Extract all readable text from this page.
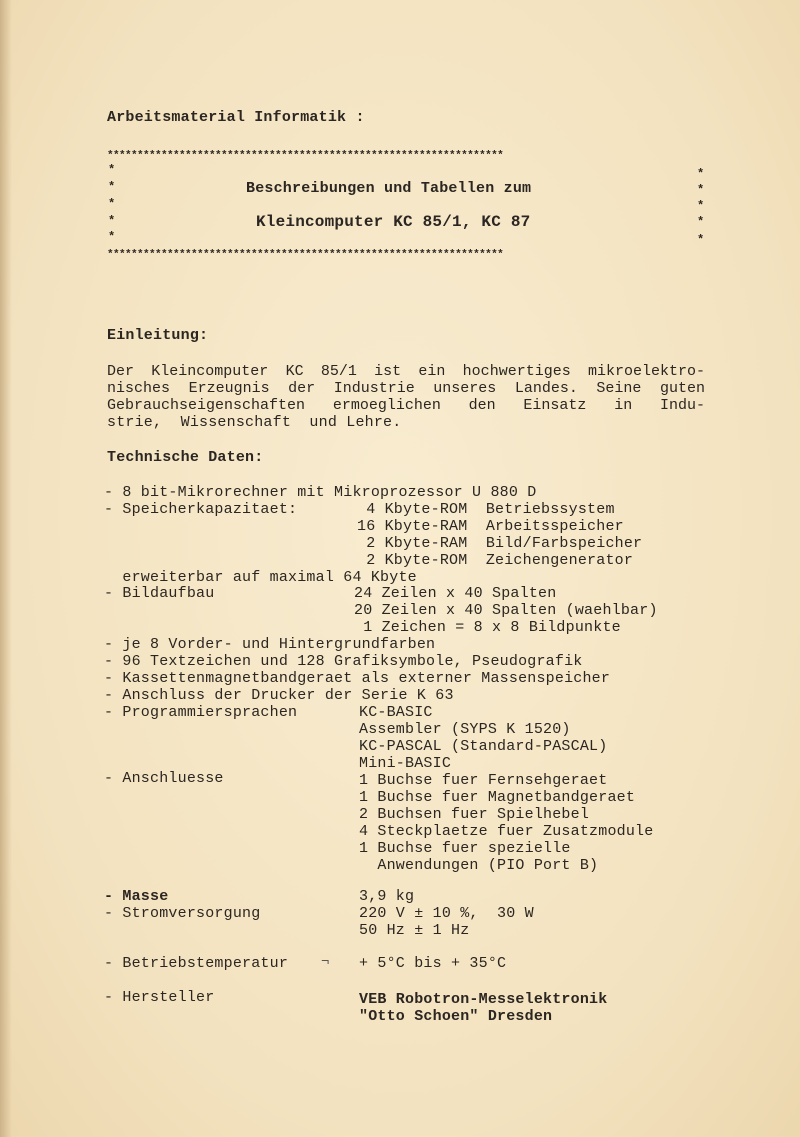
Arbeitsmaterial Informatik :
******************************************************************
*
*
*
*
*
*
*
*
*
*
Beschreibungen und Tabellen zum
Kleincomputer KC 85/1, KC 87
******************************************************************
Einleitung:
Der Kleincomputer KC 85/1 ist ein hochwertiges mikroelektro-
nisches Erzeugnis der Industrie unseres Landes. Seine guten
Gebrauchseigenschaften ermoeglichen den Einsatz in Indu-
strie,  Wissenschaft  und Lehre.
Technische Daten:
- 8 bit-Mikrorechner mit Mikroprozessor U 880 D
- Speicherkapazitaet:	4 Kbyte-ROM  Betriebssystem
16 Kbyte-RAM  Arbeitsspeicher
2 Kbyte-RAM  Bild/Farbspeicher
2 Kbyte-ROM  Zeichengenerator
erweiterbar auf maximal 64 Kbyte
- Bildaufbau	24 Zeilen x 40 Spalten
20 Zeilen x 40 Spalten (waehlbar)
1 Zeichen = 8 x 8 Bildpunkte
- je 8 Vorder- und Hintergrundfarben
- 96 Textzeichen und 128 Grafiksymbole, Pseudografik
- Kassettenmagnetbandgeraet als externer Massenspeicher
- Anschluss der Drucker der Serie K 63
- Programmiersprachen	KC-BASIC
Assembler (SYPS K 1520)
KC-PASCAL (Standard-PASCAL)
Mini-BASIC
- Anschluesse	1 Buchse fuer Fernsehgeraet
1 Buchse fuer Magnetbandgeraet
2 Buchsen fuer Spielhebel
4 Steckplaetze fuer Zusatzmodule
1 Buchse fuer spezielle
Anwendungen (PIO Port B)
- Masse	3,9 kg
- Stromversorgung	220 V ± 10 %,  30 W
50 Hz ± 1 Hz
- Betriebstemperatur ¬ + 5°C bis + 35°C
- Hersteller	VEB Robotron-Messelektronik
"Otto Schoen" Dresden
